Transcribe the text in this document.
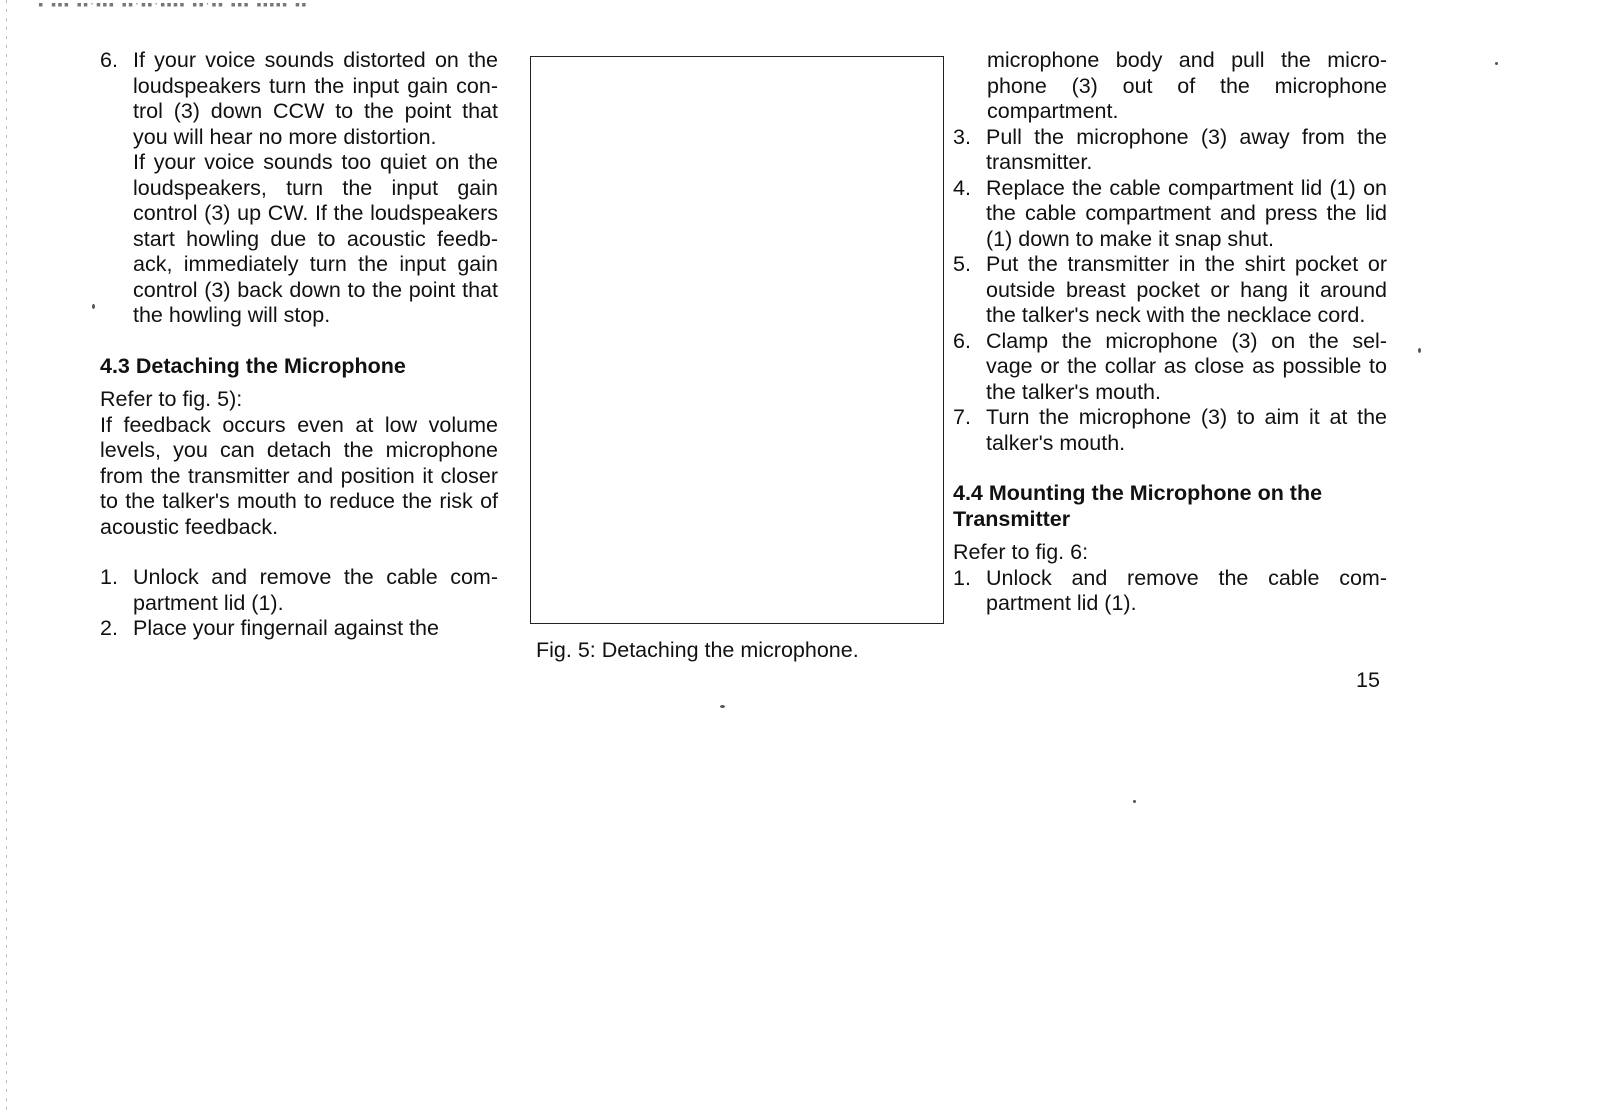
▪ ▪▪▪ ▪▪·▪▪▪ ▪▪·▪▪·▪▪▪▪ ▪▪·▪▪ ▪▪▪ ▪▪▪▪▪ ▪▪
6. If your voice sounds distorted on the loudspeakers turn the input gain con-trol (3) down CCW to the point that you will hear no more distortion.
If your voice sounds too quiet on the loudspeakers, turn the input gain control (3) up CW. If the loudspeakers start howling due to acoustic feedb-ack, immediately turn the input gain control (3) back down to the point that the howling will stop.
4.3 Detaching the Microphone
Refer to fig. 5):
If feedback occurs even at low volume levels, you can detach the microphone from the transmitter and position it closer to the talker's mouth to reduce the risk of acoustic feedback.
1. Unlock and remove the cable com-partment lid (1).
2. Place your fingernail against the
Fig. 5: Detaching the microphone.
microphone body and pull the micro-phone (3) out of the microphone compartment.
3. Pull the microphone (3) away from the transmitter.
4. Replace the cable compartment lid (1) on the cable compartment and press the lid (1) down to make it snap shut.
5. Put the transmitter in the shirt pocket or outside breast pocket or hang it around the talker's neck with the necklace cord.
6. Clamp the microphone (3) on the sel-vage or the collar as close as possible to the talker's mouth.
7. Turn the microphone (3) to aim it at the talker's mouth.
4.4 Mounting the Microphone on the Transmitter
Refer to fig. 6:
1. Unlock and remove the cable com-partment lid (1).
15
